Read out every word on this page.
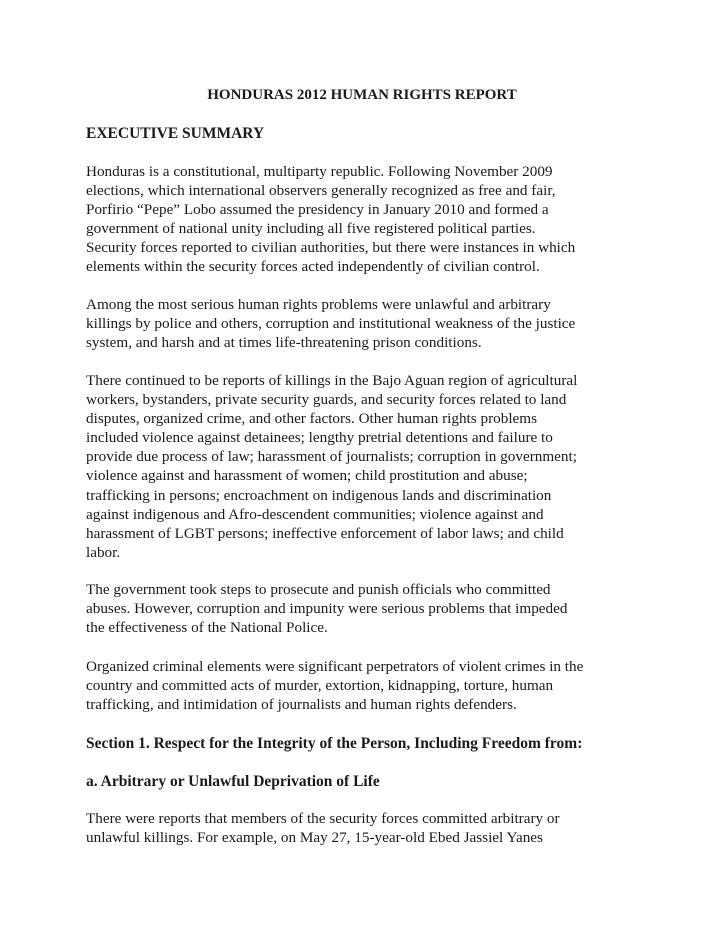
HONDURAS 2012 HUMAN RIGHTS REPORT
EXECUTIVE SUMMARY
Honduras is a constitutional, multiparty republic. Following November 2009
elections, which international observers generally recognized as free and fair,
Porfirio “Pepe” Lobo assumed the presidency in January 2010 and formed a
government of national unity including all five registered political parties.
Security forces reported to civilian authorities, but there were instances in which
elements within the security forces acted independently of civilian control.
Among the most serious human rights problems were unlawful and arbitrary
killings by police and others, corruption and institutional weakness of the justice
system, and harsh and at times life-threatening prison conditions.
There continued to be reports of killings in the Bajo Aguan region of agricultural
workers, bystanders, private security guards, and security forces related to land
disputes, organized crime, and other factors. Other human rights problems
included violence against detainees; lengthy pretrial detentions and failure to
provide due process of law; harassment of journalists; corruption in government;
violence against and harassment of women; child prostitution and abuse;
trafficking in persons; encroachment on indigenous lands and discrimination
against indigenous and Afro-descendent communities; violence against and
harassment of LGBT persons; ineffective enforcement of labor laws; and child
labor.
The government took steps to prosecute and punish officials who committed
abuses. However, corruption and impunity were serious problems that impeded
the effectiveness of the National Police.
Organized criminal elements were significant perpetrators of violent crimes in the
country and committed acts of murder, extortion, kidnapping, torture, human
trafficking, and intimidation of journalists and human rights defenders.
Section 1. Respect for the Integrity of the Person, Including Freedom from:
a. Arbitrary or Unlawful Deprivation of Life
There were reports that members of the security forces committed arbitrary or
unlawful killings. For example, on May 27, 15-year-old Ebed Jassiel Yanes
